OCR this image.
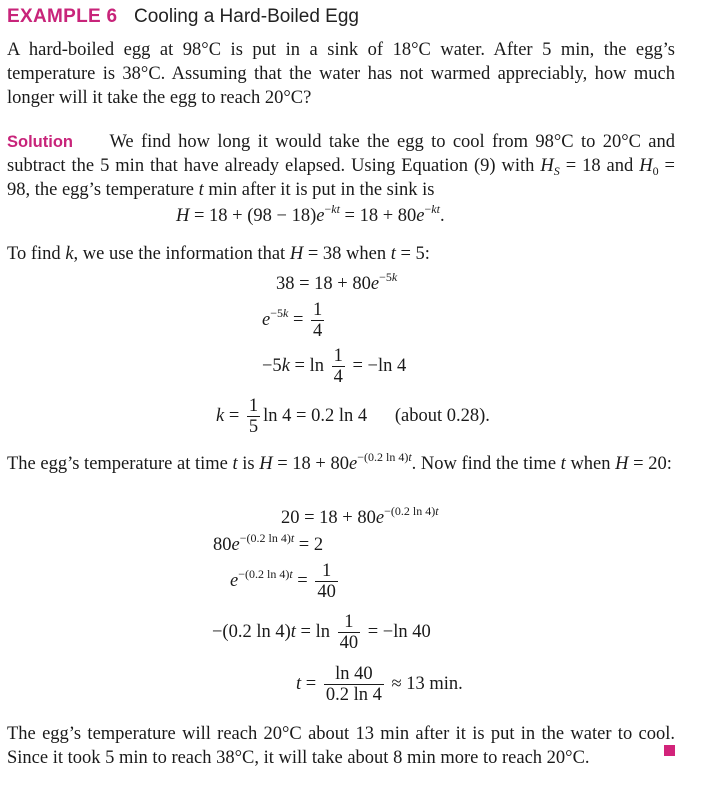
EXAMPLE 6 Cooling a Hard-Boiled Egg
A hard-boiled egg at 98°C is put in a sink of 18°C water. After 5 min, the egg’s temperature is 38°C. Assuming that the water has not warmed appreciably, how much longer will it take the egg to reach 20°C?
Solution     We find how long it would take the egg to cool from 98°C to 20°C and subtract the 5 min that have already elapsed. Using Equation (9) with $H_S = 18$ and $H_0 = 98$, the egg’s temperature t min after it is put in the sink is
$H = 18 + (98 - 18)e^{-kt} = 18 + 80e^{-kt}$.
To find k, we use the information that H = 38 when t = 5:
$38 = 18 + 80e^{-5k}$
$e^{-5k} = \frac{1}{4}$
$-5k = \ln \frac{1}{4} = -\ln$ 4
$k = \frac{1}{5}$ ln 4 = 0.2 ln 4      (about 0.28).
The egg’s temperature at time t is $H = 18 + 80e^{-(0.2 ln 4)t}$. Now find the time t when H = 20:
$20 = 18 + 80e^{-(0.2 ln 4)t}$
$80e^{-(0.2 ln 4)t} = 2$
$e^{-(0.2 ln 4)t} = \frac{1}{40}$
−(0.2 $\ln 4)t = \ln \frac{1}{40} = -\ln$ 40
$t = \frac{\ln 40}{0.2 \ln 4} \approx 13$ min.
The egg’s temperature will reach 20°C about 13 min after it is put in the water to cool. Since it took 5 min to reach 38°C, it will take about 8 min more to reach 20°C.
